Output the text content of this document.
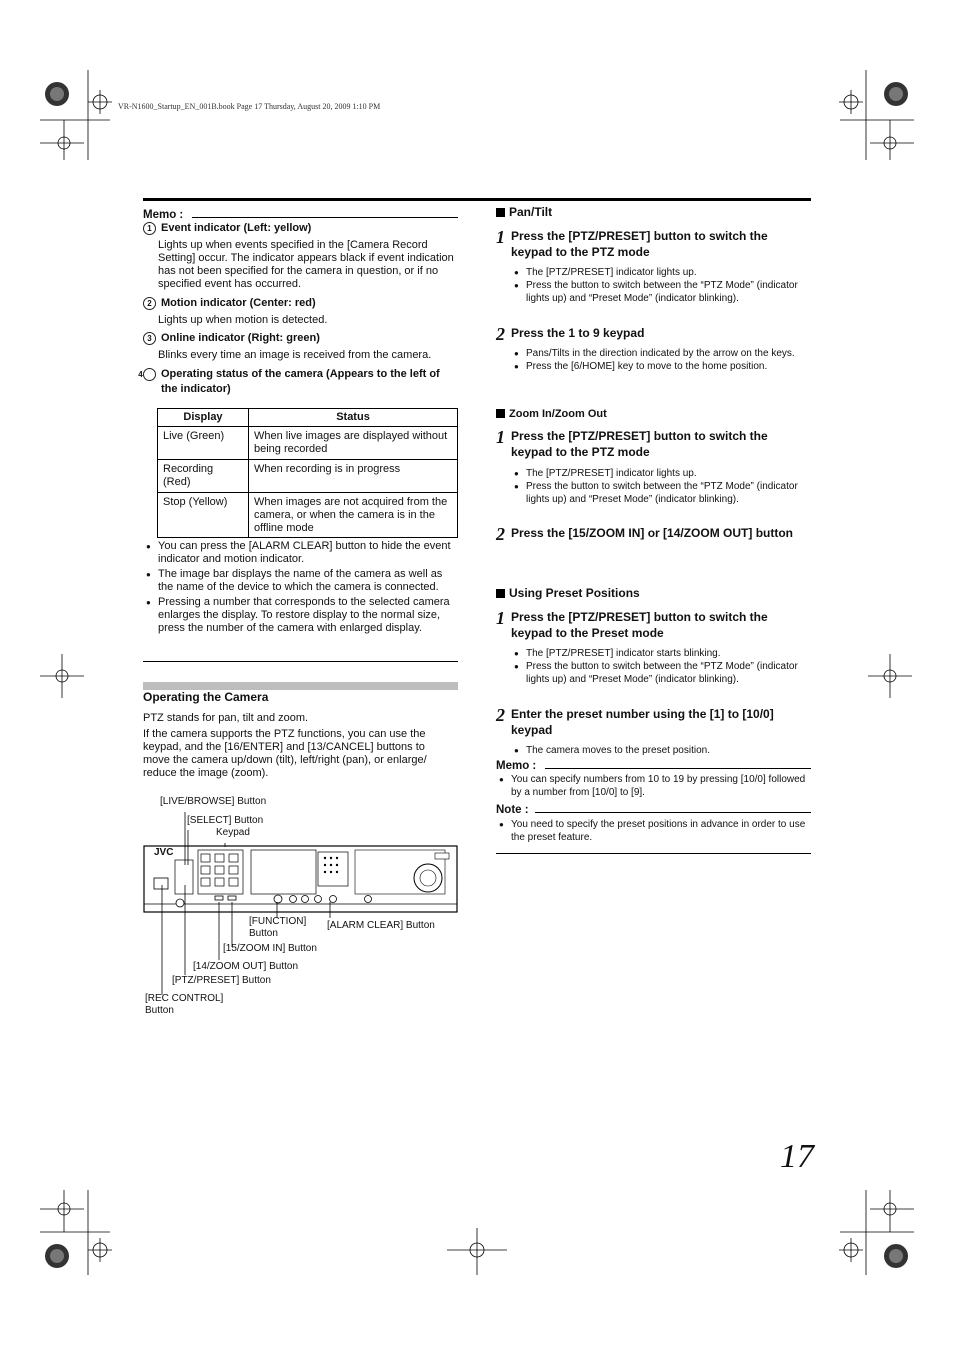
VR-N1600_Startup_EN_001B.book Page 17 Thursday, August 20, 2009 1:10 PM
Memo :
1 Event indicator (Left: yellow)
Lights up when events specified in the [Camera Record Setting] occur. The indicator appears black if event indication has not been specified for the camera in question, or if no specified event has occurred.
2 Motion indicator (Center: red)
Lights up when motion is detected.
3 Online indicator (Right: green)
Blinks every time an image is received from the camera.
4 Operating status of the camera (Appears to the left of the indicator)
Display	Status
Live (Green)	When live images are displayed without being recorded
Recording (Red)	When recording is in progress
Stop (Yellow)	When images are not acquired from the camera, or when the camera is in the offline mode
● You can press the [ALARM CLEAR] button to hide the event indicator and motion indicator.
● The image bar displays the name of the camera as well as the name of the device to which the camera is connected.
● Pressing a number that corresponds to the selected camera enlarges the display. To restore display to the normal size, press the number of the camera with enlarged display.
Operating the Camera
PTZ stands for pan, tilt and zoom.
If the camera supports the PTZ functions, you can use the keypad, and the [16/ENTER] and [13/CANCEL] buttons to move the camera up/down (tilt), left/right (pan), or enlarge/ reduce the image (zoom).
JVC
[LIVE/BROWSE] Button
[SELECT] Button
Keypad
[FUNCTION]
Button
[ALARM CLEAR] Button
[15/ZOOM IN] Button
[14/ZOOM OUT] Button
[PTZ/PRESET] Button
[REC CONTROL]
Button
Pan/Tilt
1 Press the [PTZ/PRESET] button to switch the keypad to the PTZ mode
● The [PTZ/PRESET] indicator lights up.
● Press the button to switch between the “PTZ Mode” (indicator lights up) and “Preset Mode” (indicator blinking).
2 Press the 1 to 9 keypad
● Pans/Tilts in the direction indicated by the arrow on the keys.
● Press the [6/HOME] key to move to the home position.
Zoom In/Zoom Out
1 Press the [PTZ/PRESET] button to switch the keypad to the PTZ mode
● The [PTZ/PRESET] indicator lights up.
● Press the button to switch between the “PTZ Mode” (indicator lights up) and “Preset Mode” (indicator blinking).
2 Press the [15/ZOOM IN] or [14/ZOOM OUT] button
Using Preset Positions
1 Press the [PTZ/PRESET] button to switch the keypad to the Preset mode
● The [PTZ/PRESET] indicator starts blinking.
● Press the button to switch between the “PTZ Mode” (indicator lights up) and “Preset Mode” (indicator blinking).
2 Enter the preset number using the [1] to [10/0] keypad
● The camera moves to the preset position.
Memo :
● You can specify numbers from 10 to 19 by pressing [10/0] followed by a number from [10/0] to [9].
Note :
● You need to specify the preset positions in advance in order to use the preset feature.
17
